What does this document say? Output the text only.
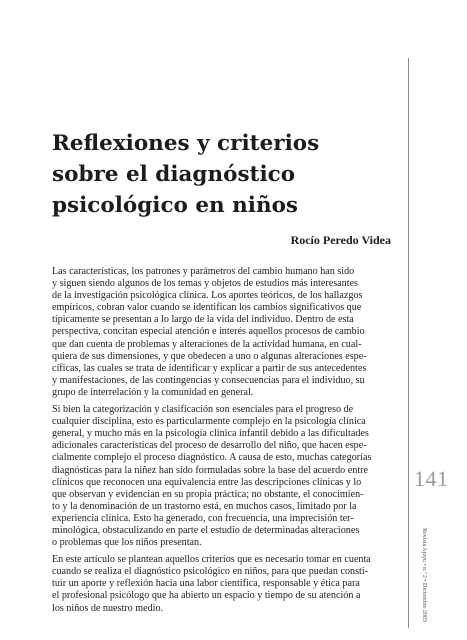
Reflexiones y criterios
sobre el diagnóstico
psicológico en niños

Rocío Peredo Videa

Las características, los patrones y parámetros del cambio humano han sido
y siguen siendo algunos de los temas y objetos de estudios más interesantes
de la investigación psicológica clínica. Los aportes teóricos, de los hallazgos
empíricos, cobran valor cuando se identifican los cambios significativos que
típicamente se presentan a lo largo de la vida del individuo. Dentro de esta
perspectiva, concitan especial atención e interés aquellos procesos de cambio
que dan cuenta de problemas y alteraciones de la actividad humana, en cual-
quiera de sus dimensiones, y que obedecen a uno o algunas alteraciones espe-
cíficas, las cuales se trata de identificar y explicar a partir de sus antecedentes
y manifestaciones, de las contingencias y consecuencias para el individuo, su
grupo de interrelación y la comunidad en general.

Si bien la categorización y clasificación son esenciales para el progreso de
cualquier disciplina, esto es particularmente complejo en la psicología clínica
general, y mucho más en la psicología clínica infantil debido a las dificultades
adicionales características del proceso de desarrollo del niño, que hacen espe-
cialmente complejo el proceso diagnóstico. A causa de esto, muchas categorías
diagnósticas para la niñez han sido formuladas sobre la base del acuerdo entre
clínicos que reconocen una equivalencia entre las descripciones clínicas y lo
que observan y evidencian en su propia práctica; no obstante, el conocimien-
to y la denominación de un trastorno está, en muchos casos, limitado por la
experiencia clínica. Esto ha generado, con frecuencia, una imprecisión ter-
minológica, obstaculizando en parte el estudio de determinadas alteraciones
o problemas que los niños presentan.

En este artículo se plantean aquellos criterios que es necesario tomar en cuenta
cuando se realiza el diagnóstico psicológico en niños, para que puedan consti-
tuir un aporte y reflexión hacia una labor científica, responsable y ética para
el profesional psicólogo que ha abierto un espacio y tiempo de su atención a
los niños de nuestro medio.

141
Revista Ajayu • n.º 2 • Diciembre 2003
